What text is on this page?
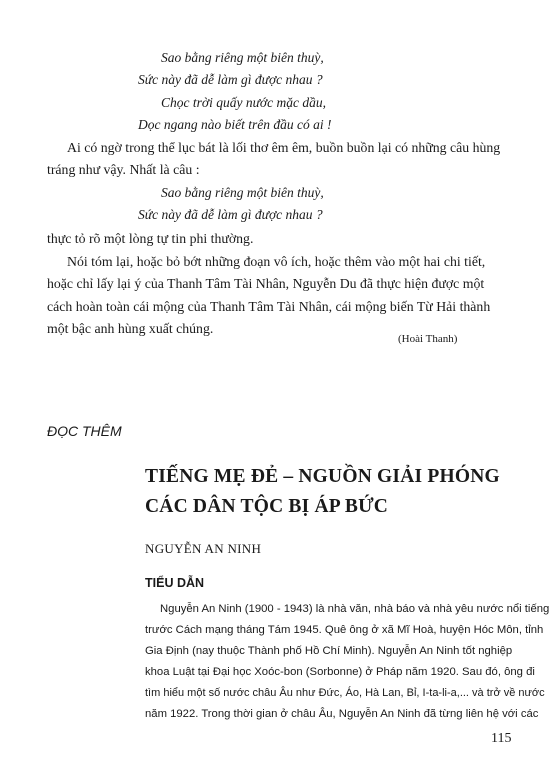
Sao bằng riêng một biên thuỳ,
Sức này đã dễ làm gì được nhau ?
Chọc trời quấy nước mặc dầu,
Dọc ngang nào biết trên đầu có ai !
Ai có ngờ trong thể lục bát là lối thơ êm êm, buồn buồn lại có những câu hùng
tráng như vậy. Nhất là câu :
Sao bằng riêng một biên thuỳ,
Sức này đã dễ làm gì được nhau ?
thực tỏ rõ một lòng tự tin phi thường.
Nói tóm lại, hoặc bỏ bớt những đoạn vô ích, hoặc thêm vào một hai chi tiết,
hoặc chỉ lấy lại ý của Thanh Tâm Tài Nhân, Nguyễn Du đã thực hiện được một
cách hoàn toàn cái mộng của Thanh Tâm Tài Nhân, cái mộng biến Từ Hải thành
một bậc anh hùng xuất chúng.
(Hoài Thanh)
ĐỌC THÊM
TIẾNG MẸ ĐẺ – NGUỒN GIẢI PHÓNG
CÁC DÂN TỘC BỊ ÁP BỨC
NGUYỄN AN NINH
TIỂU DẪN
Nguyễn An Ninh (1900 - 1943) là nhà văn, nhà báo và nhà yêu nước nổi tiếng
trước Cách mạng tháng Tám 1945. Quê ông ở xã Mĩ Hoà, huyện Hóc Môn, tỉnh
Gia Định (nay thuộc Thành phố Hồ Chí Minh). Nguyễn An Ninh tốt nghiệp
khoa Luật tại Đại học Xoóc-bon (Sorbonne) ở Pháp năm 1920. Sau đó, ông đi
tìm hiểu một số nước châu Âu như Đức, Áo, Hà Lan, Bỉ, I-ta-li-a,... và trở về nước
năm 1922. Trong thời gian ở châu Âu, Nguyễn An Ninh đã từng liên hệ với các
115
